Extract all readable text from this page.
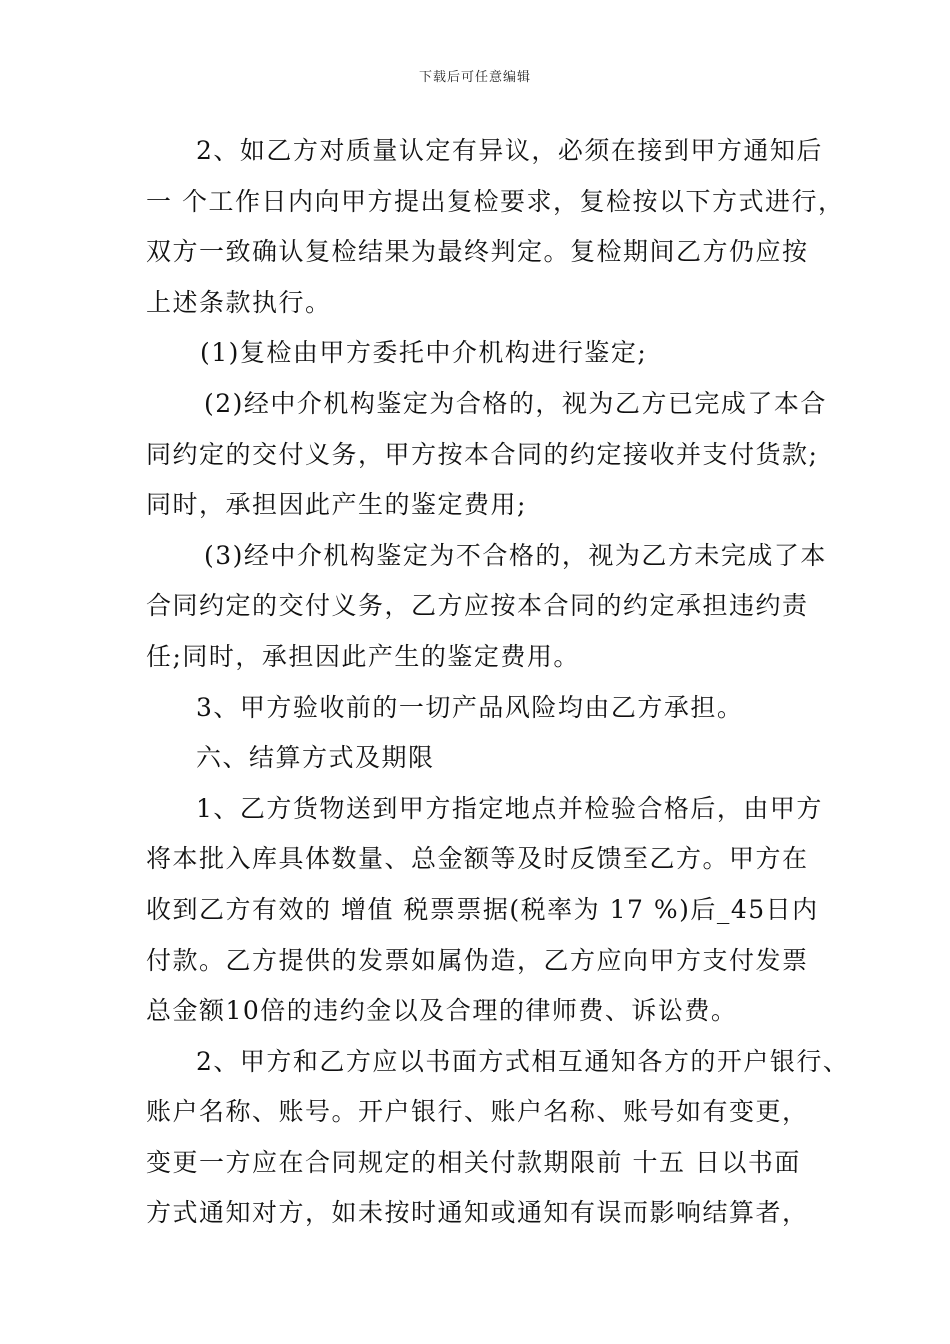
下载后可任意编辑
2、如乙方对质量认定有异议，必须在接到甲方通知后
一 个工作日内向甲方提出复检要求，复检按以下方式进行，
双方一致确认复检结果为最终判定。复检期间乙方仍应按
上述条款执行。
(1)复检由甲方委托中介机构进行鉴定;
(2)经中介机构鉴定为合格的，视为乙方已完成了本合
同约定的交付义务，甲方按本合同的约定接收并支付货款;
同时，承担因此产生的鉴定费用;
(3)经中介机构鉴定为不合格的，视为乙方未完成了本
合同约定的交付义务，乙方应按本合同的约定承担违约责
任;同时，承担因此产生的鉴定费用。
3、甲方验收前的一切产品风险均由乙方承担。
六、结算方式及期限
1、乙方货物送到甲方指定地点并检验合格后，由甲方
将本批入库具体数量、总金额等及时反馈至乙方。甲方在
收到乙方有效的 增值 税票票据(税率为 17 %)后_45日内
付款。乙方提供的发票如属伪造，乙方应向甲方支付发票
总金额10倍的违约金以及合理的律师费、诉讼费。
2、甲方和乙方应以书面方式相互通知各方的开户银行、
账户名称、账号。开户银行、账户名称、账号如有变更，
变更一方应在合同规定的相关付款期限前 十五 日以书面
方式通知对方，如未按时通知或通知有误而影响结算者，
